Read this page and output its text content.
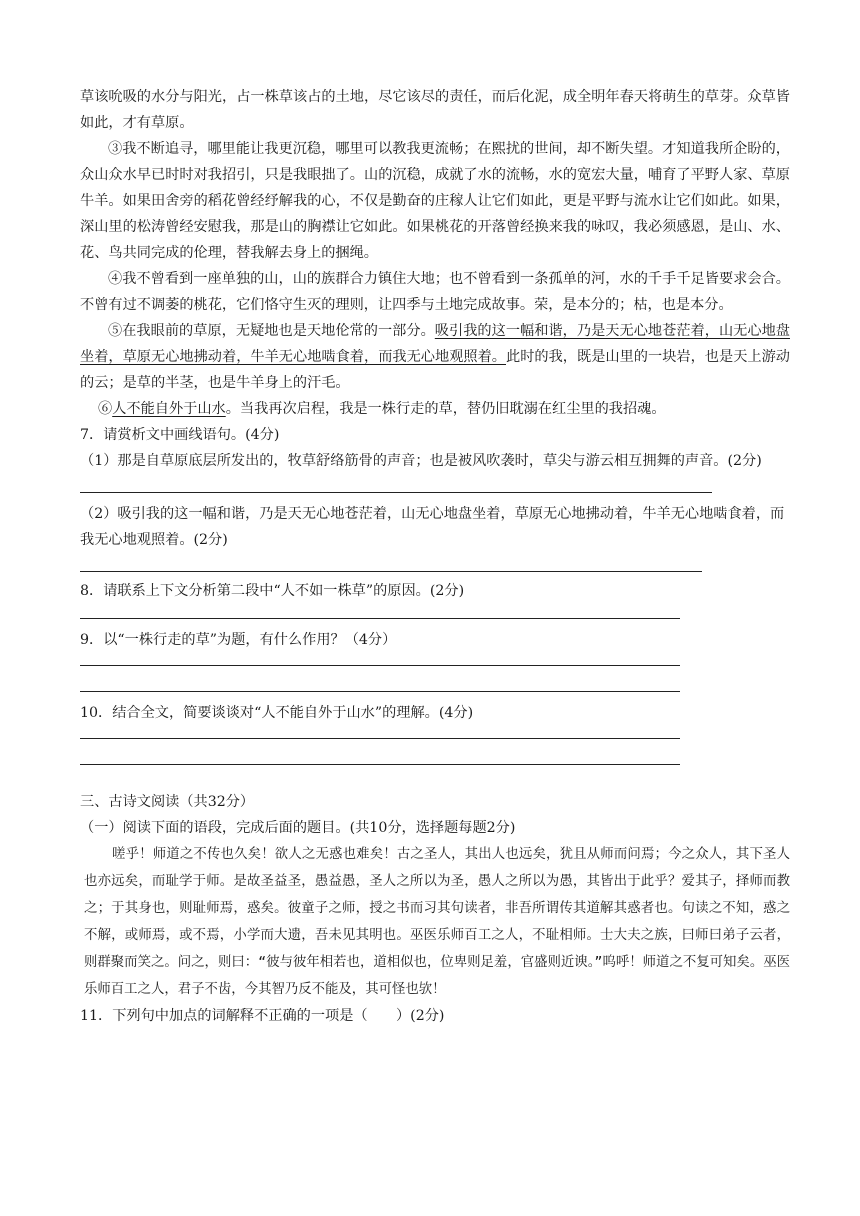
草该吮吸的水分与阳光，占一株草该占的土地，尽它该尽的责任，而后化泥，成全明年春天将萌生的草芽。众草皆如此，才有草原。

③我不断追寻，哪里能让我更沉稳，哪里可以教我更流畅；在熙扰的世间，却不断失望。才知道我所企盼的，众山众水早已时时对我招引，只是我眼拙了。山的沉稳，成就了水的流畅，水的宽宏大量，哺育了平野人家、草原牛羊。如果田舍旁的稻花曾经纾解我的心，不仅是勤奋的庄稼人让它们如此，更是平野与流水让它们如此。如果，深山里的松涛曾经安慰我，那是山的胸襟让它如此。如果桃花的开落曾经换来我的咏叹，我必须感恩，是山、水、花、鸟共同完成的伦理，替我解去身上的捆绳。

④我不曾看到一座单独的山，山的族群合力镇住大地；也不曾看到一条孤单的河，水的千手千足皆要求会合。不曾有过不调萎的桃花，它们恪守生灭的理则，让四季与土地完成故事。荣，是本分的；枯，也是本分。

⑤在我眼前的草原，无疑地也是天地伦常的一部分。吸引我的这一幅和谐，乃是天无心地苍茫着，山无心地盘坐着，草原无心地拂动着，牛羊无心地啮食着，而我无心地观照着。此时的我，既是山里的一块岩，也是天上游动的云；是草的半茎，也是牛羊身上的汗毛。

⑥人不能自外于山水。当我再次启程，我是一株行走的草，替仍旧耽溺在红尘里的我招魂。

7．请赏析文中画线语句。(4分)

（1）那是自草原底层所发出的，牧草舒络筋骨的声音；也是被风吹袭时，草尖与游云相互拥舞的声音。(2分)

（2）吸引我的这一幅和谐，乃是天无心地苍茫着，山无心地盘坐着，草原无心地拂动着，牛羊无心地啮食着，而我无心地观照着。(2分)

8．请联系上下文分析第二段中“人不如一株草”的原因。(2分)

9．以“一株行走的草”为题，有什么作用？（4分）

10．结合全文，简要谈谈对“人不能自外于山水”的理解。(4分)

三、古诗文阅读（共32分）

（一）阅读下面的语段，完成后面的题目。(共10分，选择题每题2分)

嗟乎！师道之不传也久矣！欲人之无惑也难矣！古之圣人，其出人也远矣，犹且从师而问焉；今之众人，其下圣人也亦远矣，而耻学于师。是故圣益圣，愚益愚，圣人之所以为圣，愚人之所以为愚，其皆出于此乎？爱其子，择师而教之；于其身也，则耻师焉，惑矣。彼童子之师，授之书而习其句读者，非吾所谓传其道解其惑者也。句读之不知，惑之不解，或师焉，或不焉，小学而大遗，吾未见其明也。巫医乐师百工之人，不耻相师。士大夫之族，曰师曰弟子云者，则群聚而笑之。问之，则曰：“彼与彼年相若也，道相似也，位卑则足羞，官盛则近谀。”呜呼！师道之不复可知矣。巫医乐师百工之人，君子不齿，今其智乃反不能及，其可怪也欤！

11．下列句中加点的词解释不正确的一项是（　　）(2分)
